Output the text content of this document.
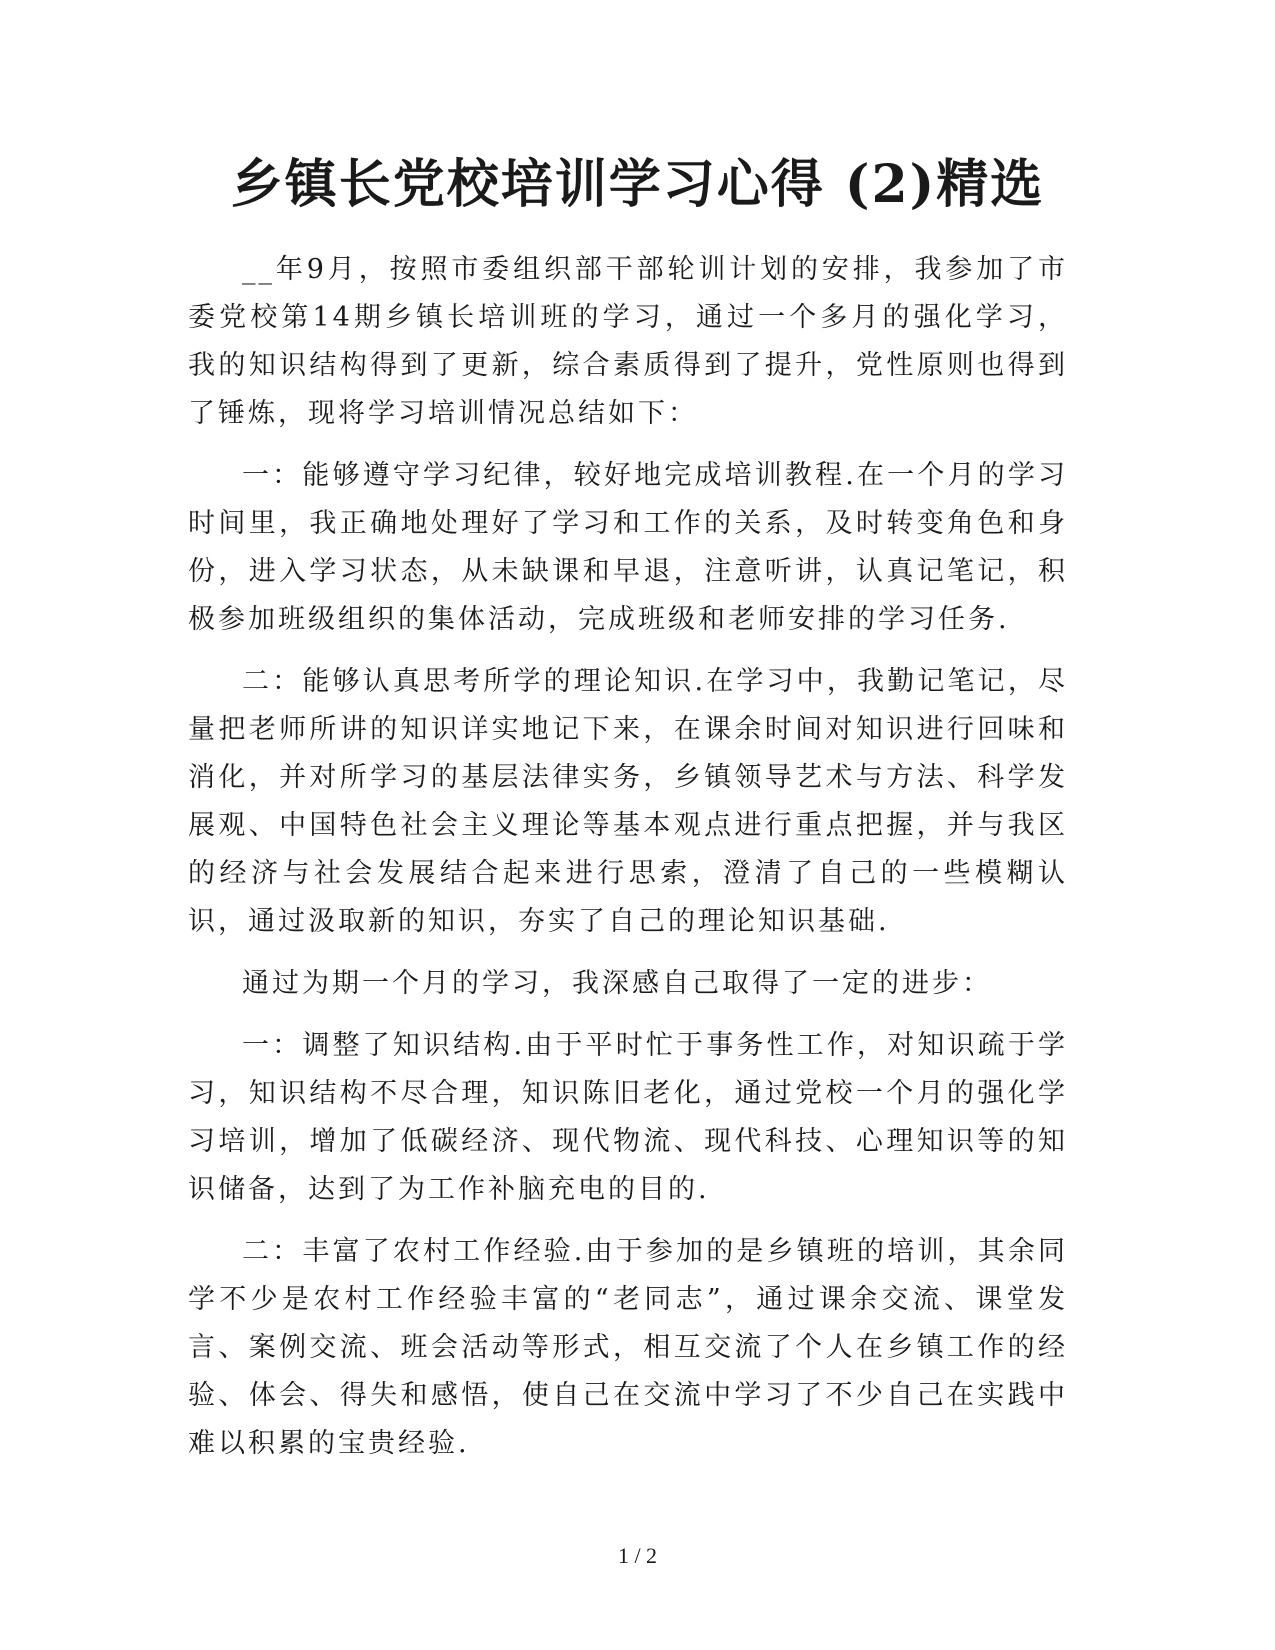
乡镇长党校培训学习心得 (2)精选

__年9月，按照市委组织部干部轮训计划的安排，我参加了市委党校第14期乡镇长培训班的学习，通过一个多月的强化学习，我的知识结构得到了更新，综合素质得到了提升，党性原则也得到了锤炼，现将学习培训情况总结如下：

一：能够遵守学习纪律，较好地完成培训教程.在一个月的学习时间里，我正确地处理好了学习和工作的关系，及时转变角色和身份，进入学习状态，从未缺课和早退，注意听讲，认真记笔记，积极参加班级组织的集体活动，完成班级和老师安排的学习任务.

二：能够认真思考所学的理论知识.在学习中，我勤记笔记，尽量把老师所讲的知识详实地记下来，在课余时间对知识进行回味和消化，并对所学习的基层法律实务，乡镇领导艺术与方法、科学发展观、中国特色社会主义理论等基本观点进行重点把握，并与我区的经济与社会发展结合起来进行思索，澄清了自己的一些模糊认识，通过汲取新的知识，夯实了自己的理论知识基础.

通过为期一个月的学习，我深感自己取得了一定的进步：

一：调整了知识结构.由于平时忙于事务性工作，对知识疏于学习，知识结构不尽合理，知识陈旧老化，通过党校一个月的强化学习培训，增加了低碳经济、现代物流、现代科技、心理知识等的知识储备，达到了为工作补脑充电的目的.

二：丰富了农村工作经验.由于参加的是乡镇班的培训，其余同学不少是农村工作经验丰富的“老同志”，通过课余交流、课堂发言、案例交流、班会活动等形式，相互交流了个人在乡镇工作的经验、体会、得失和感悟，使自己在交流中学习了不少自己在实践中难以积累的宝贵经验.

1 / 2
